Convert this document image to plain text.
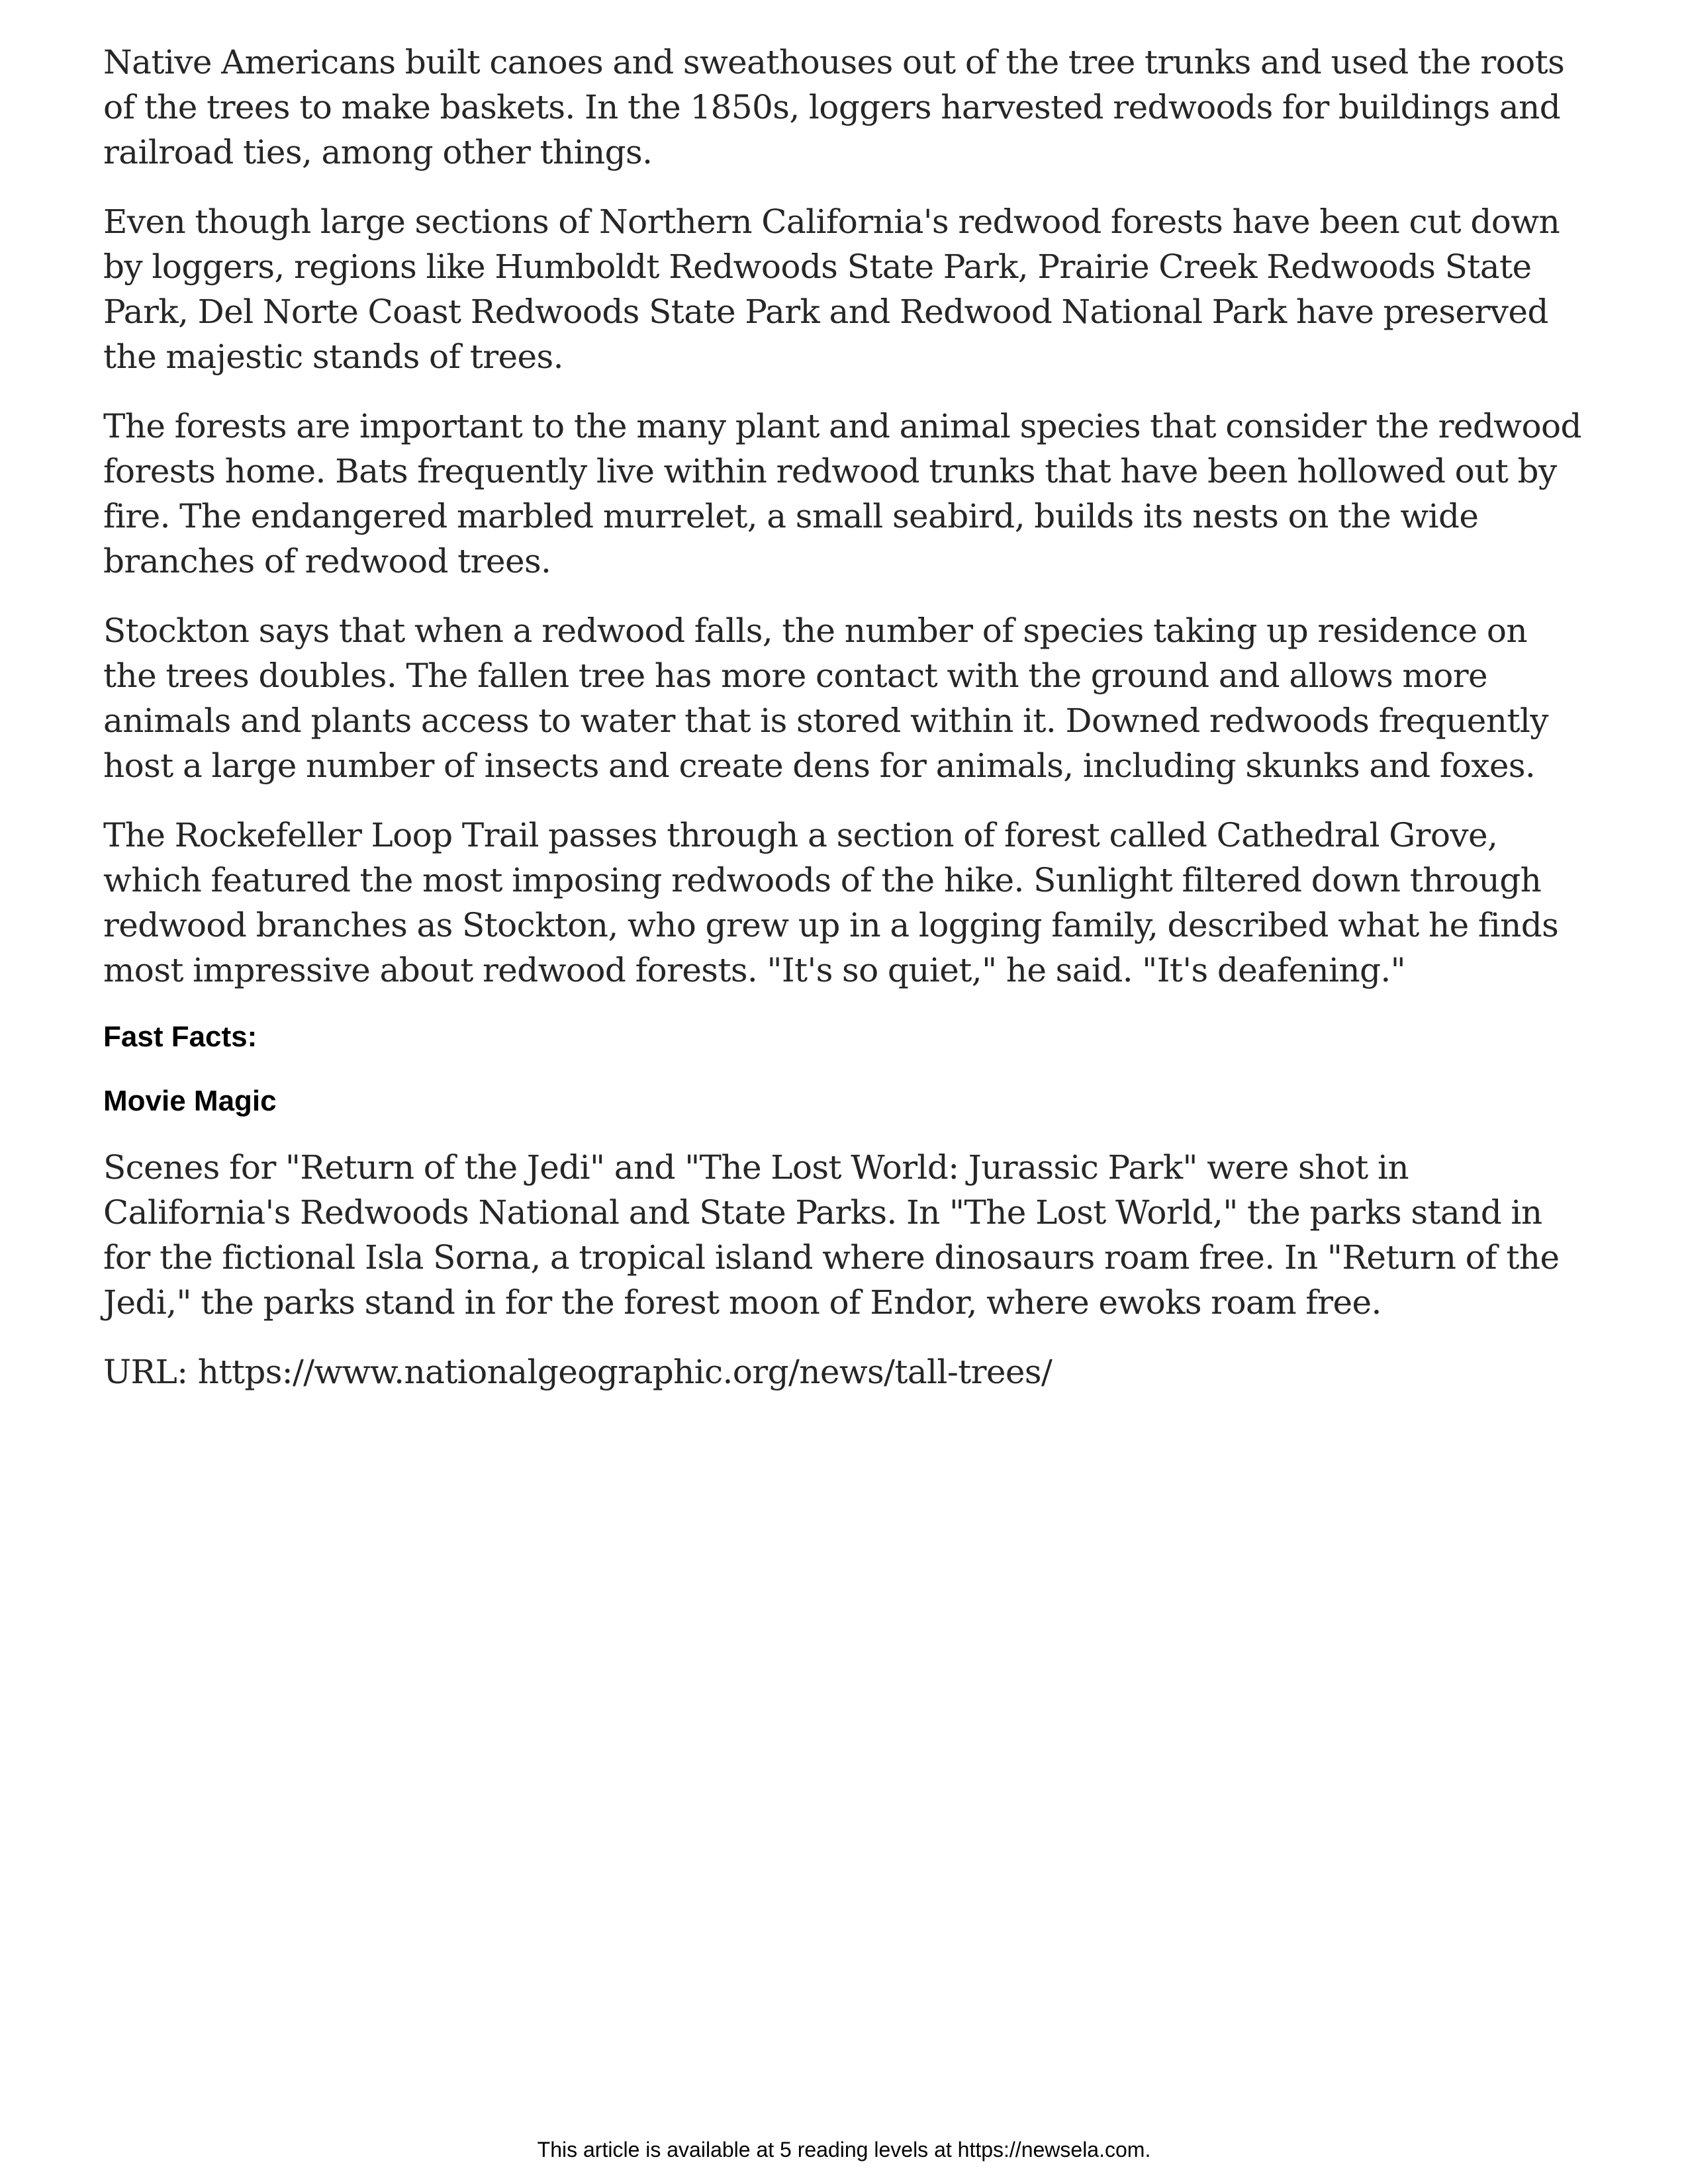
Native Americans built canoes and sweathouses out of the tree trunks and used the roots of the trees to make baskets. In the 1850s, loggers harvested redwoods for buildings and railroad ties, among other things.

Even though large sections of Northern California's redwood forests have been cut down by loggers, regions like Humboldt Redwoods State Park, Prairie Creek Redwoods State Park, Del Norte Coast Redwoods State Park and Redwood National Park have preserved the majestic stands of trees.

The forests are important to the many plant and animal species that consider the redwood forests home. Bats frequently live within redwood trunks that have been hollowed out by fire. The endangered marbled murrelet, a small seabird, builds its nests on the wide branches of redwood trees.

Stockton says that when a redwood falls, the number of species taking up residence on the trees doubles. The fallen tree has more contact with the ground and allows more animals and plants access to water that is stored within it. Downed redwoods frequently host a large number of insects and create dens for animals, including skunks and foxes.

The Rockefeller Loop Trail passes through a section of forest called Cathedral Grove, which featured the most imposing redwoods of the hike. Sunlight filtered down through redwood branches as Stockton, who grew up in a logging family, described what he finds most impressive about redwood forests. "It's so quiet," he said. "It's deafening."

Fast Facts:
Movie Magic

Scenes for "Return of the Jedi" and "The Lost World: Jurassic Park" were shot in California's Redwoods National and State Parks. In "The Lost World," the parks stand in for the fictional Isla Sorna, a tropical island where dinosaurs roam free. In "Return of the Jedi," the parks stand in for the forest moon of Endor, where ewoks roam free.

URL: https://www.nationalgeographic.org/news/tall-trees/

This article is available at 5 reading levels at https://newsela.com.
